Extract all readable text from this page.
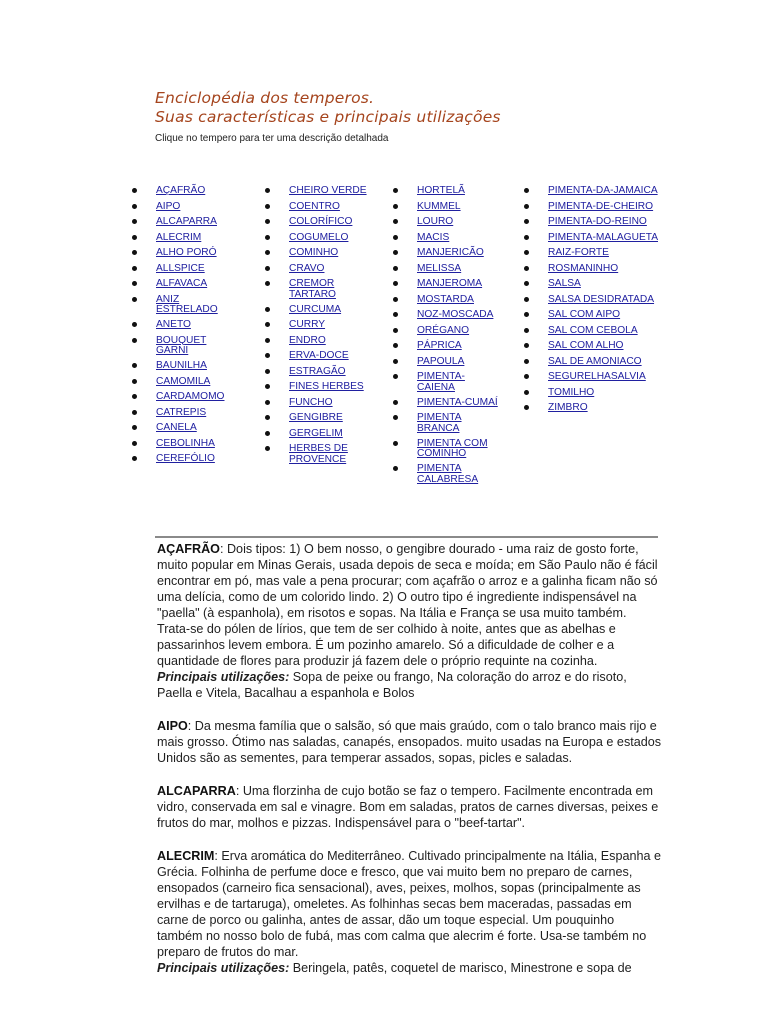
Enciclopédia dos temperos.
Suas características e principais utilizações
Clique no tempero para ter uma descrição detalhada
AÇAFRÃO
AIPO
ALCAPARRA
ALECRIM
ALHO PORÓ
ALLSPICE
ALFAVACA
ANIZ
ESTRELADO
ANETO
BOUQUET
GARNI
BAUNILHA
CAMOMILA
CARDAMOMO
CATREPIS
CANELA
CEBOLINHA
CEREFÓLIO
CHEIRO VERDE
COENTRO
COLORÍFICO
COGUMELO
COMINHO
CRAVO
CREMOR
TARTARO
CURCUMA
CURRY
ENDRO
ERVA-DOCE
ESTRAGÃO
FINES HERBES
FUNCHO
GENGIBRE
GERGELIM
HERBES DE
PROVENCE
HORTELÃ
KUMMEL
LOURO
MACIS
MANJERICÃO
MELISSA
MANJEROMA
MOSTARDA
NOZ-MOSCADA
ORÉGANO
PÁPRICA
PAPOULA
PIMENTA-
CAIENA
PIMENTA-CUMAÍ
PIMENTA
BRANCA
PIMENTA COM
COMINHO
PIMENTA
CALABRESA
PIMENTA-DA-JAMAICA
PIMENTA-DE-CHEIRO
PIMENTA-DO-REINO
PIMENTA-MALAGUETA
RAIZ-FORTE
ROSMANINHO
SALSA
SALSA DESIDRATADA
SAL COM AIPO
SAL COM CEBOLA
SAL COM ALHO
SAL DE AMONIACO
SEGURELHASALVIA
TOMILHO
ZIMBRO

AÇAFRÃO: Dois tipos: 1) O bem nosso, o gengibre dourado - uma raiz de gosto forte, muito popular em Minas Gerais, usada depois de seca e moída; em São Paulo não é fácil encontrar em pó, mas vale a pena procurar; com açafrão o arroz e a galinha ficam não só uma delícia, como de um colorido lindo. 2) O outro tipo é ingrediente indispensável na "paella" (à espanhola), em risotos e sopas. Na Itália e França se usa muito também. Trata-se do pólen de lírios, que tem de ser colhido à noite, antes que as abelhas e passarinhos levem embora. É um pozinho amarelo. Só a dificuldade de colher e a quantidade de flores para produzir já fazem dele o próprio requinte na cozinha.

Principais utilizações: Sopa de peixe ou frango, Na coloração do arroz e do risoto, Paella e Vitela, Bacalhau a espanhola e Bolos

AIPO: Da mesma família que o salsão, só que mais graúdo, com o talo branco mais rijo e mais grosso. Ótimo nas saladas, canapés, ensopados. muito usadas na Europa e estados Unidos são as sementes, para temperar assados, sopas, picles e saladas.

ALCAPARRA: Uma florzinha de cujo botão se faz o tempero. Facilmente encontrada em vidro, conservada em sal e vinagre. Bom em saladas, pratos de carnes diversas, peixes e frutos do mar, molhos e pizzas. Indispensável para o "beef-tartar".

ALECRIM: Erva aromática do Mediterrâneo. Cultivado principalmente na Itália, Espanha e Grécia. Folhinha de perfume doce e fresco, que vai muito bem no preparo de carnes, ensopados (carneiro fica sensacional), aves, peixes, molhos, sopas (principalmente as ervilhas e de tartaruga), omeletes. As folhinhas secas bem maceradas, passadas em carne de porco ou galinha, antes de assar, dão um toque especial. Um pouquinho também no nosso bolo de fubá, mas com calma que alecrim é forte. Usa-se também no preparo de frutos do mar.

Principais utilizações: Beringela, patês, coquetel de marisco, Minestrone e sopa de
